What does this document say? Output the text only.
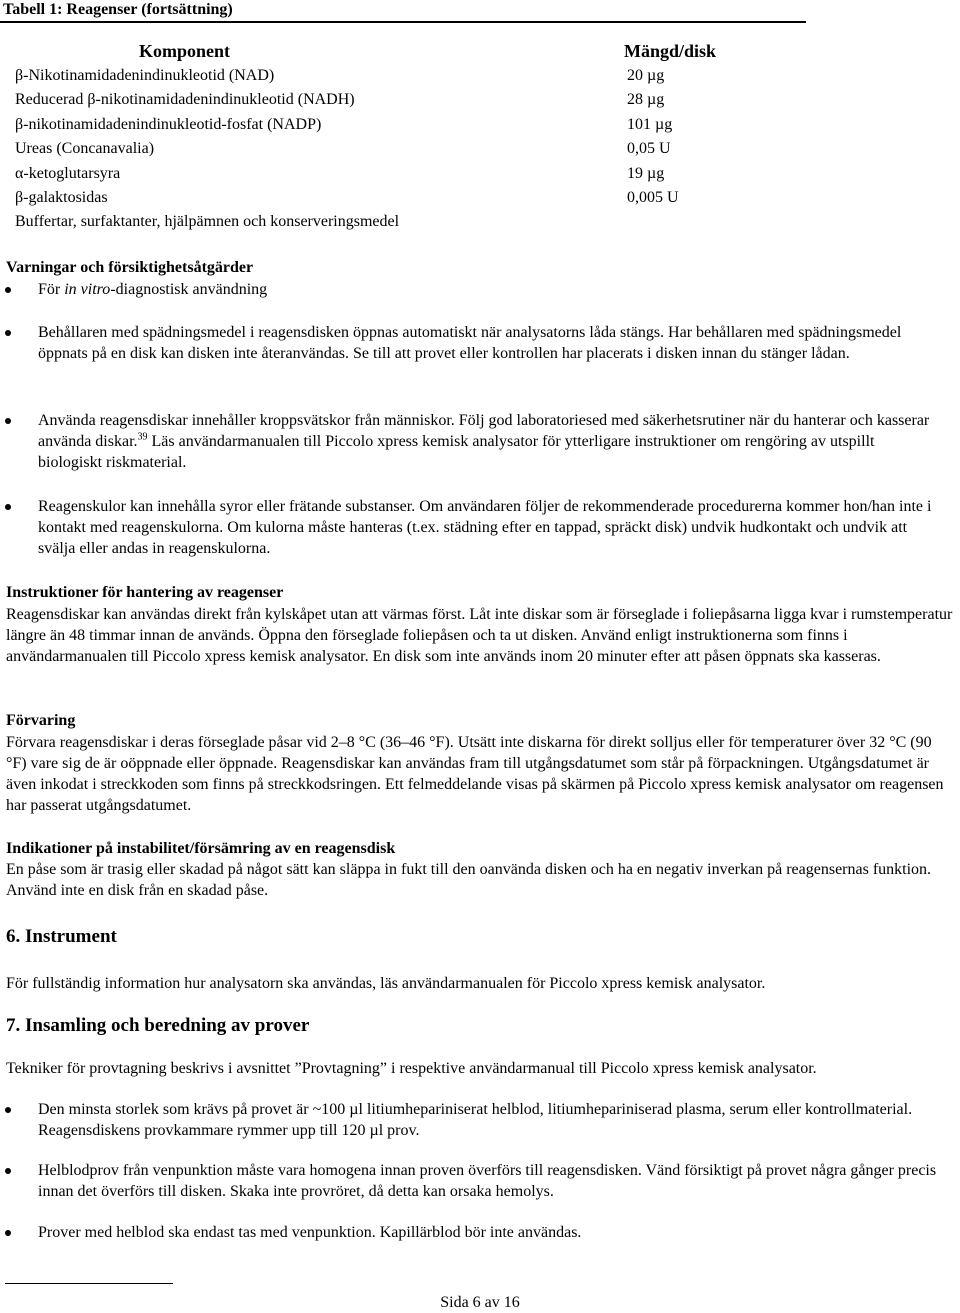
Tabell 1: Reagenser (fortsättning)
Komponent	Mängd/disk
β-Nikotinamidadenindinukleotid (NAD)
Reducerad β-nikotinamidadenindinukleotid (NADH)
β-nikotinamidadenindinukleotid-fosfat (NADP)
Ureas (Concanavalia)
α-ketoglutarsyra
β-galaktosidas
Buffertar, surfaktanter, hjälpämnen och konserveringsmedel
20 µg
28 µg
101 µg
0,05 U
19 µg
0,005 U
Varningar och försiktighetsåtgärder

För in vitro-diagnostisk användning

Behållaren med spädningsmedel i reagensdisken öppnas automatiskt när analysatorns låda stängs. Har behållaren med spädningsmedel öppnats på en disk kan disken inte återanvändas. Se till att provet eller kontrollen har placerats i disken innan du stänger lådan.

Använda reagensdiskar innehåller kroppsvätskor från människor. Följ god laboratoriesed med säkerhetsrutiner när du hanterar och kasserar använda diskar.$^{39}$ Läs användarmanualen till Piccolo xpress kemisk analysator för ytterligare instruktioner om rengöring av utspillt biologiskt riskmaterial.

Reagenskulor kan innehålla syror eller frätande substanser. Om användaren följer de rekommenderade procedurerna kommer hon/han inte i kontakt med reagenskulorna. Om kulorna måste hanteras (t.ex. städning efter en tappad, spräckt disk) undvik hudkontakt och undvik att svälja eller andas in reagenskulorna.

Instruktioner för hantering av reagenser

Reagensdiskar kan användas direkt från kylskåpet utan att värmas först. Låt inte diskar som är förseglade i foliepåsarna ligga kvar i rumstemperatur längre än 48 timmar innan de används. Öppna den förseglade foliepåsen och ta ut disken. Använd enligt instruktionerna som finns i användarmanualen till Piccolo xpress kemisk analysator. En disk som inte används inom 20 minuter efter att påsen öppnats ska kasseras.

Förvaring

Förvara reagensdiskar i deras förseglade påsar vid 2–8 °C (36–46 °F). Utsätt inte diskarna för direkt solljus eller för temperaturer över 32 °C (90 °F) vare sig de är oöppnade eller öppnade. Reagensdiskar kan användas fram till utgångsdatumet som står på förpackningen. Utgångsdatumet är även inkodat i streckkoden som finns på streckkodsringen. Ett felmeddelande visas på skärmen på Piccolo xpress kemisk analysator om reagensen har passerat utgångsdatumet.

Indikationer på instabilitet/försämring av en reagensdisk

En påse som är trasig eller skadad på något sätt kan släppa in fukt till den oanvända disken och ha en negativ inverkan på reagensernas funktion. Använd inte en disk från en skadad påse.

6. Instrument

För fullständig information hur analysatorn ska användas, läs användarmanualen för Piccolo xpress kemisk analysator.

7. Insamling och beredning av prover

Tekniker för provtagning beskrivs i avsnittet ”Provtagning” i respektive användarmanual till Piccolo xpress kemisk analysator.

Den minsta storlek som krävs på provet är ~100 µl litiumhepariniserat helblod, litiumhepariniserad plasma, serum eller kontrollmaterial. Reagensdiskens provkammare rymmer upp till 120 µl prov.

Helblodprov från venpunktion måste vara homogena innan proven överförs till reagensdisken. Vänd försiktigt på provet några gånger precis innan det överförs till disken. Skaka inte provröret, då detta kan orsaka hemolys.

Prover med helblod ska endast tas med venpunktion. Kapillärblod bör inte användas.

Sida 6 av 16
